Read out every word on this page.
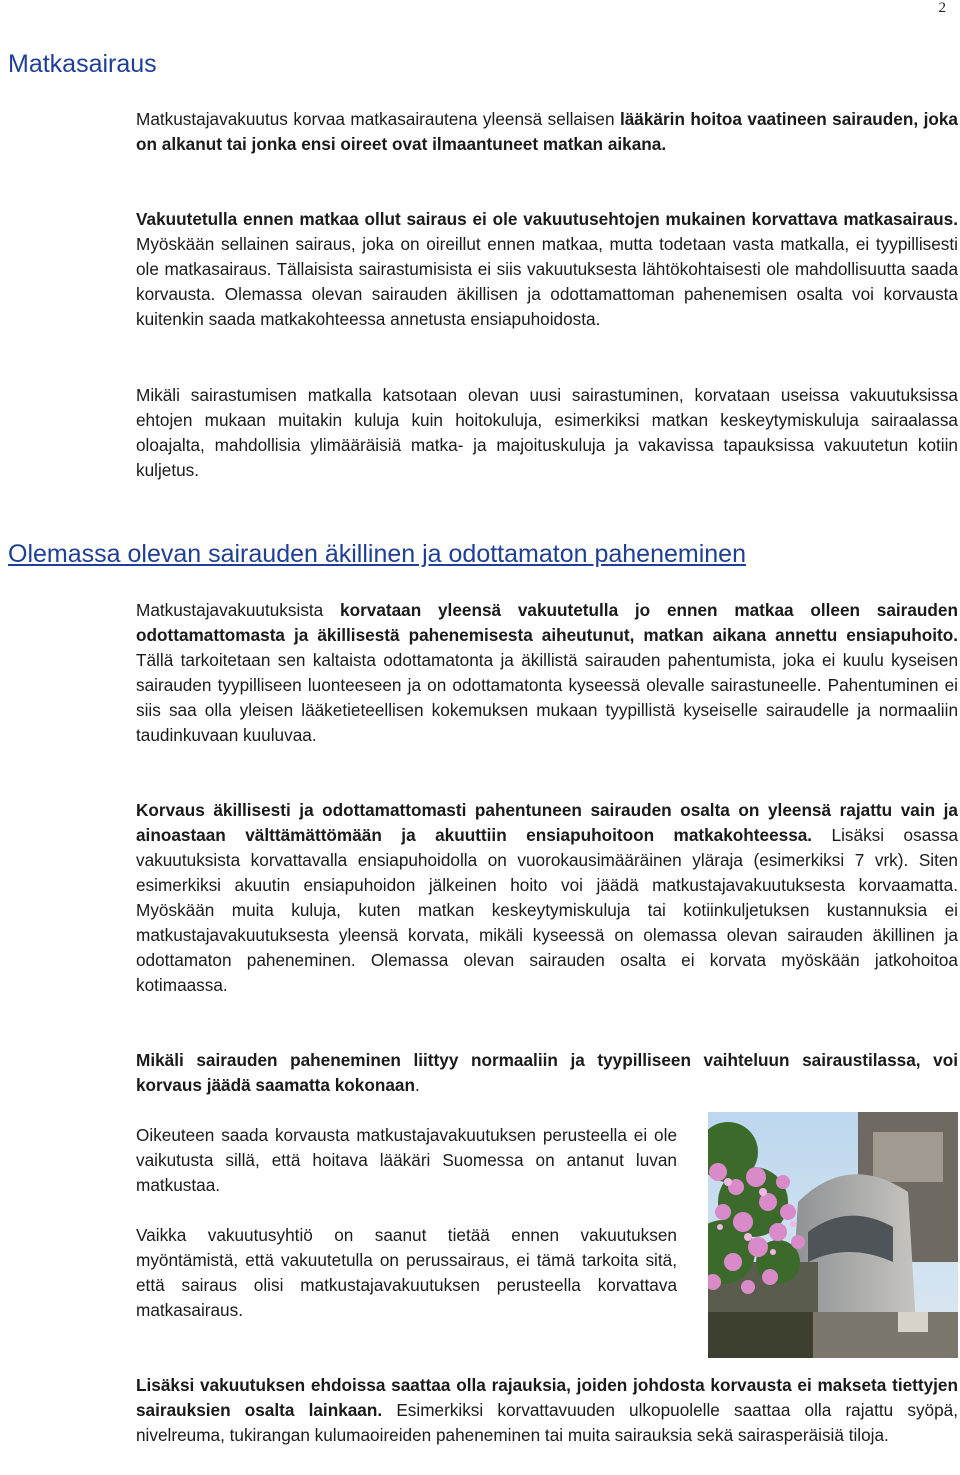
2
Matkasairaus

Matkustajavakuutus korvaa matkasairautena yleensä sellaisen lääkärin hoitoa vaatineen sairauden, joka on alkanut tai jonka ensi oireet ovat ilmaantuneet matkan aikana.

Vakuutetulla ennen matkaa ollut sairaus ei ole vakuutusehtojen mukainen korvattava matkasairaus. Myöskään sellainen sairaus, joka on oireillut ennen matkaa, mutta todetaan vasta matkalla, ei tyypillisesti ole matkasairaus. Tällaisista sairastumisista ei siis vakuutuksesta lähtökohtaisesti ole mahdollisuutta saada korvausta. Olemassa olevan sairauden äkillisen ja odottamattoman pahenemisen osalta voi korvausta kuitenkin saada matkakohteessa annetusta ensiapuhoidosta.

Mikäli sairastumisen matkalla katsotaan olevan uusi sairastuminen, korvataan useissa vakuutuksissa ehtojen mukaan muitakin kuluja kuin hoitokuluja, esimerkiksi matkan keskeytymiskuluja sairaalassa oloajalta, mahdollisia ylimääräisiä matka- ja majoituskuluja ja vakavissa tapauksissa vakuutetun kotiin kuljetus.

Olemassa olevan sairauden äkillinen ja odottamaton paheneminen

Matkustajavakuutuksista korvataan yleensä vakuutetulla jo ennen matkaa olleen sairauden odottamattomasta ja äkillisestä pahenemisesta aiheutunut, matkan aikana annettu ensiapuhoito. Tällä tarkoitetaan sen kaltaista odottamatonta ja äkillistä sairauden pahentumista, joka ei kuulu kyseisen sairauden tyypilliseen luonteeseen ja on odottamatonta kyseessä olevalle sairastuneelle. Pahentuminen ei siis saa olla yleisen lääketieteellisen kokemuksen mukaan tyypillistä kyseiselle sairaudelle ja normaaliin taudinkuvaan kuuluvaa.

Korvaus äkillisesti ja odottamattomasti pahentuneen sairauden osalta on yleensä rajattu vain ja ainoastaan välttämättömään ja akuuttiin ensiapuhoitoon matkakohteessa. Lisäksi osassa vakuutuksista korvattavalla ensiapuhoidolla on vuorokausimääräinen yläraja (esimerkiksi 7 vrk). Siten esimerkiksi akuutin ensiapuhoidon jälkeinen hoito voi jäädä matkustajavakuutuksesta korvaamatta. Myöskään muita kuluja, kuten matkan keskeytymiskuluja tai kotiinkuljetuksen kustannuksia ei matkustajavakuutuksesta yleensä korvata, mikäli kyseessä on olemassa olevan sairauden äkillinen ja odottamaton paheneminen. Olemassa olevan sairauden osalta ei korvata myöskään jatkohoitoa kotimaassa.

Mikäli sairauden paheneminen liittyy normaaliin ja tyypilliseen vaihteluun sairaustilassa, voi korvaus jäädä saamatta kokonaan.

Oikeuteen saada korvausta matkustajavakuutuksen perusteella ei ole vaikutusta sillä, että hoitava lääkäri Suomessa on antanut luvan matkustaa.

Vaikka vakuutusyhtiö on saanut tietää ennen vakuutuksen myöntämistä, että vakuutetulla on perussairaus, ei tämä tarkoita sitä, että sairaus olisi matkustajavakuutuksen perusteella korvattava matkasairaus.

Lisäksi vakuutuksen ehdoissa saattaa olla rajauksia, joiden johdosta korvausta ei makseta tiettyjen sairauksien osalta lainkaan. Esimerkiksi korvattavuuden ulkopuolelle saattaa olla rajattu syöpä, nivelreuma, tukirangan kulumaoireiden paheneminen tai muita sairauksia sekä sairasperäisiä tiloja.
